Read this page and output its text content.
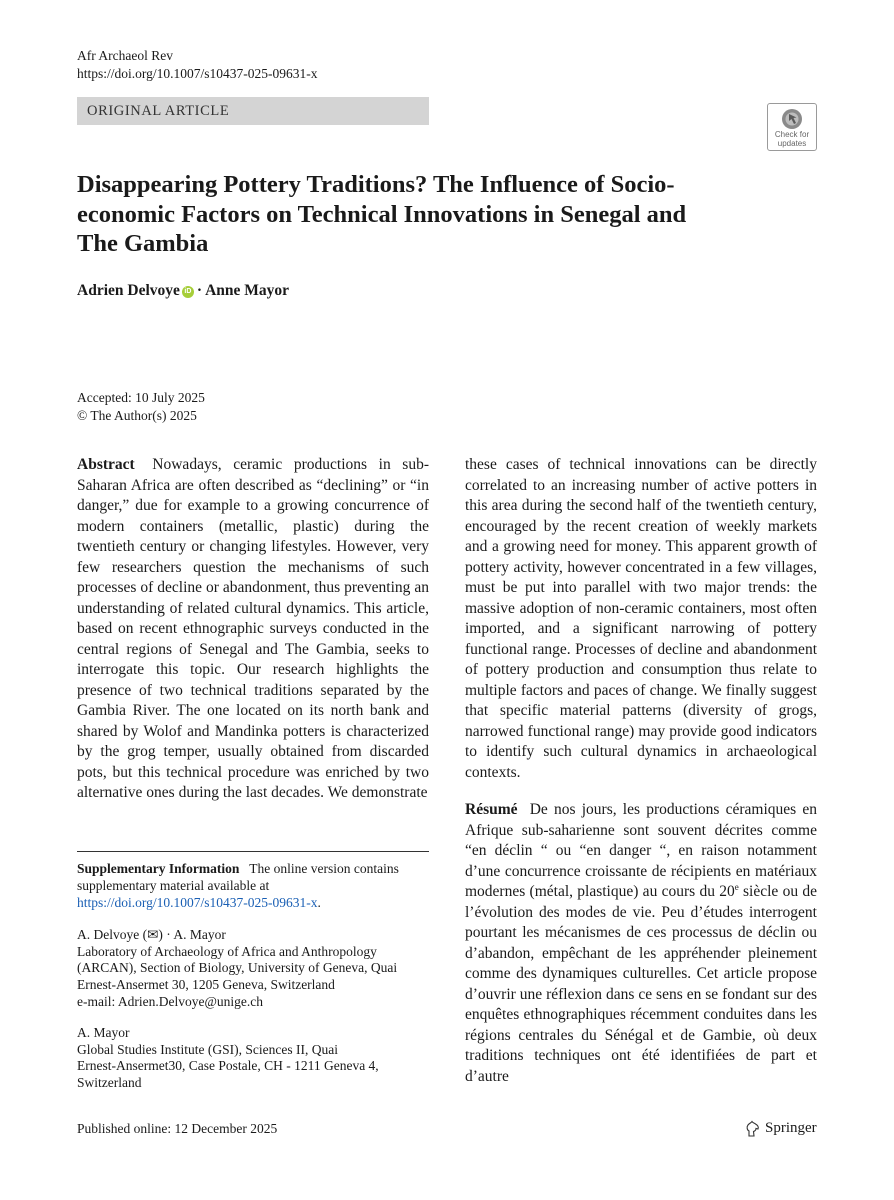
Afr Archaeol Rev
https://doi.org/10.1007/s10437-025-09631-x
ORIGINAL ARTICLE
Check for
updates
Disappearing Pottery Traditions? The Influence of Socio-economic Factors on Technical Innovations in Senegal and The Gambia
Adrien Delvoye iD · Anne Mayor
Accepted: 10 July 2025
© The Author(s) 2025
Abstract Nowadays, ceramic productions in sub-Saharan Africa are often described as “declining” or “in danger,” due for example to a growing concurrence of modern containers (metallic, plastic) during the twentieth century or changing lifestyles. However, very few researchers question the mechanisms of such processes of decline or abandonment, thus preventing an understanding of related cultural dynamics. This article, based on recent ethnographic surveys conducted in the central regions of Senegal and The Gambia, seeks to interrogate this topic. Our research highlights the presence of two technical traditions separated by the Gambia River. The one located on its north bank and shared by Wolof and Mandinka potters is characterized by the grog temper, usually obtained from discarded pots, but this technical procedure was enriched by two alternative ones during the last decades. We demonstrate
these cases of technical innovations can be directly correlated to an increasing number of active potters in this area during the second half of the twentieth century, encouraged by the recent creation of weekly markets and a growing need for money. This apparent growth of pottery activity, however concentrated in a few villages, must be put into parallel with two major trends: the massive adoption of non-ceramic containers, most often imported, and a significant narrowing of pottery functional range. Processes of decline and abandonment of pottery production and consumption thus relate to multiple factors and paces of change. We finally suggest that specific material patterns (diversity of grogs, narrowed functional range) may provide good indicators to identify such cultural dynamics in archaeological contexts.
Résumé De nos jours, les productions céramiques en Afrique sub-saharienne sont souvent décrites comme “en déclin “ ou “en danger “, en raison notamment d’une concurrence croissante de récipients en matériaux modernes (métal, plastique) au cours du 20e siècle ou de l’évolution des modes de vie. Peu d’études interrogent pourtant les mécanismes de ces processus de déclin ou d’abandon, empêchant de les appréhender pleinement comme des dynamiques culturelles. Cet article propose d’ouvrir une réflexion dans ce sens en se fondant sur des enquêtes ethnographiques récemment conduites dans les régions centrales du Sénégal et de Gambie, où deux traditions techniques ont été identifiées de part et d’autre
Supplementary Information The online version contains supplementary material available at https://doi.org/10.1007/s10437-025-09631-x.
A. Delvoye (✉) · A. Mayor
Laboratory of Archaeology of Africa and Anthropology
(ARCAN), Section of Biology, University of Geneva, Quai
Ernest-Ansermet 30, 1205 Geneva, Switzerland
e-mail: Adrien.Delvoye@unige.ch
A. Mayor
Global Studies Institute (GSI), Sciences II, Quai
Ernest-Ansermet30, Case Postale, CH - 1211 Geneva 4,
Switzerland
Published online: 12 December 2025	Springer
